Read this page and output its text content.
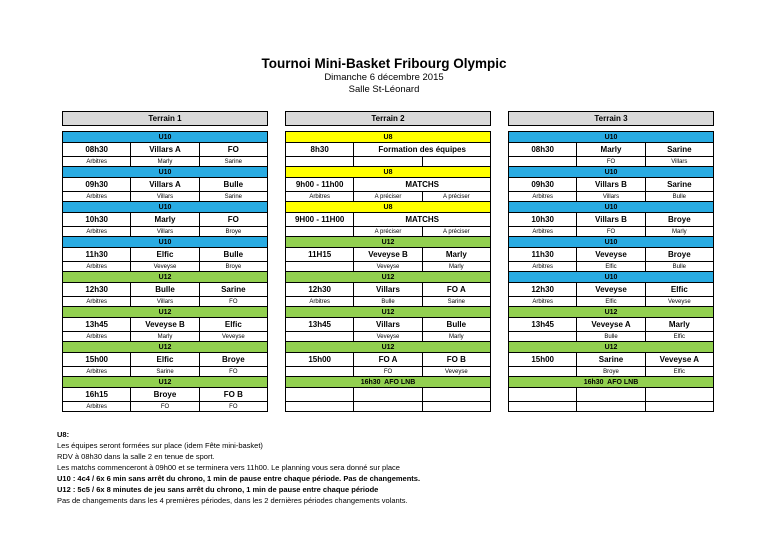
Tournoi Mini-Basket Fribourg Olympic
Dimanche 6 décembre 2015
Salle St-Léonard
Terrain 1
U10		
08h30	Villars A	FO
Arbitres	Marly	Sarine
U10		
09h30	Villars A	Bulle
Arbitres	Villars	Sarine
U10		
10h30	Marly	FO
Arbitres	Villars	Broye
U10		
11h30	Elfic	Bulle
Arbitres	Veveyse	Broye
U12		
12h30	Bulle	Sarine
Arbitres	Villars	FO
U12		
13h45	Veveyse B	Elfic
Arbitres	Marly	Veveyse
U12		
15h00	Elfic	Broye
Arbitres	Sarine	FO
U12		
16h15	Broye	FO B
Arbitres	FO	FO
Terrain 2
U8		
8h30	Formation des équipes	

U8		
9h00 - 11h00	MATCHS	
Arbitres	A préciser	A préciser
U8		
9H00 - 11H00	MATCHS	
	A préciser	A préciser
U12		
11H15	Veveyse B	Marly
	Veveyse	Marly
U12		
12h30	Villars	FO A
Arbitres	Bulle	Sarine
U12		
13h45	Villars	Bulle
	Veveyse	Marly
U12		
15h00	FO A	FO B
	FO	Veveyse
16h30  AFO LNB		

Terrain 3
U10		
08h30	Marly	Sarine
	FO	Villars
U10		
09h30	Villars B	Sarine
Arbitres	Villars	Bulle
U10		
10h30	Villars B	Broye
Arbitres	FO	Marly
U10		
11h30	Veveyse	Broye
Arbitres	Elfic	Bulle
U10		
12h30	Veveyse	Elfic
Arbitres	Elfic	Veveyse
U12		
13h45	Veveyse A	Marly
	Bulle	Elfic
U12		
15h00	Sarine	Veveyse A
	Broye	Elfic
16h30  AFO LNB		

U8:
Les équipes seront formées sur place (idem Fête mini-basket)
RDV à 08h30 dans la salle 2 en tenue de sport.
Les matchs commenceront à 09h00 et se terminera vers 11h00. Le planning vous sera donné sur place
U10 : 4c4 / 6x 6 min sans arrêt du chrono, 1 min de pause entre chaque période. Pas de changements.
U12 : 5c5 / 6x 8 minutes de jeu sans arrêt du chrono, 1 min de pause entre chaque période
Pas de changements dans les 4 premières périodes, dans les 2 dernières périodes changements volants.
